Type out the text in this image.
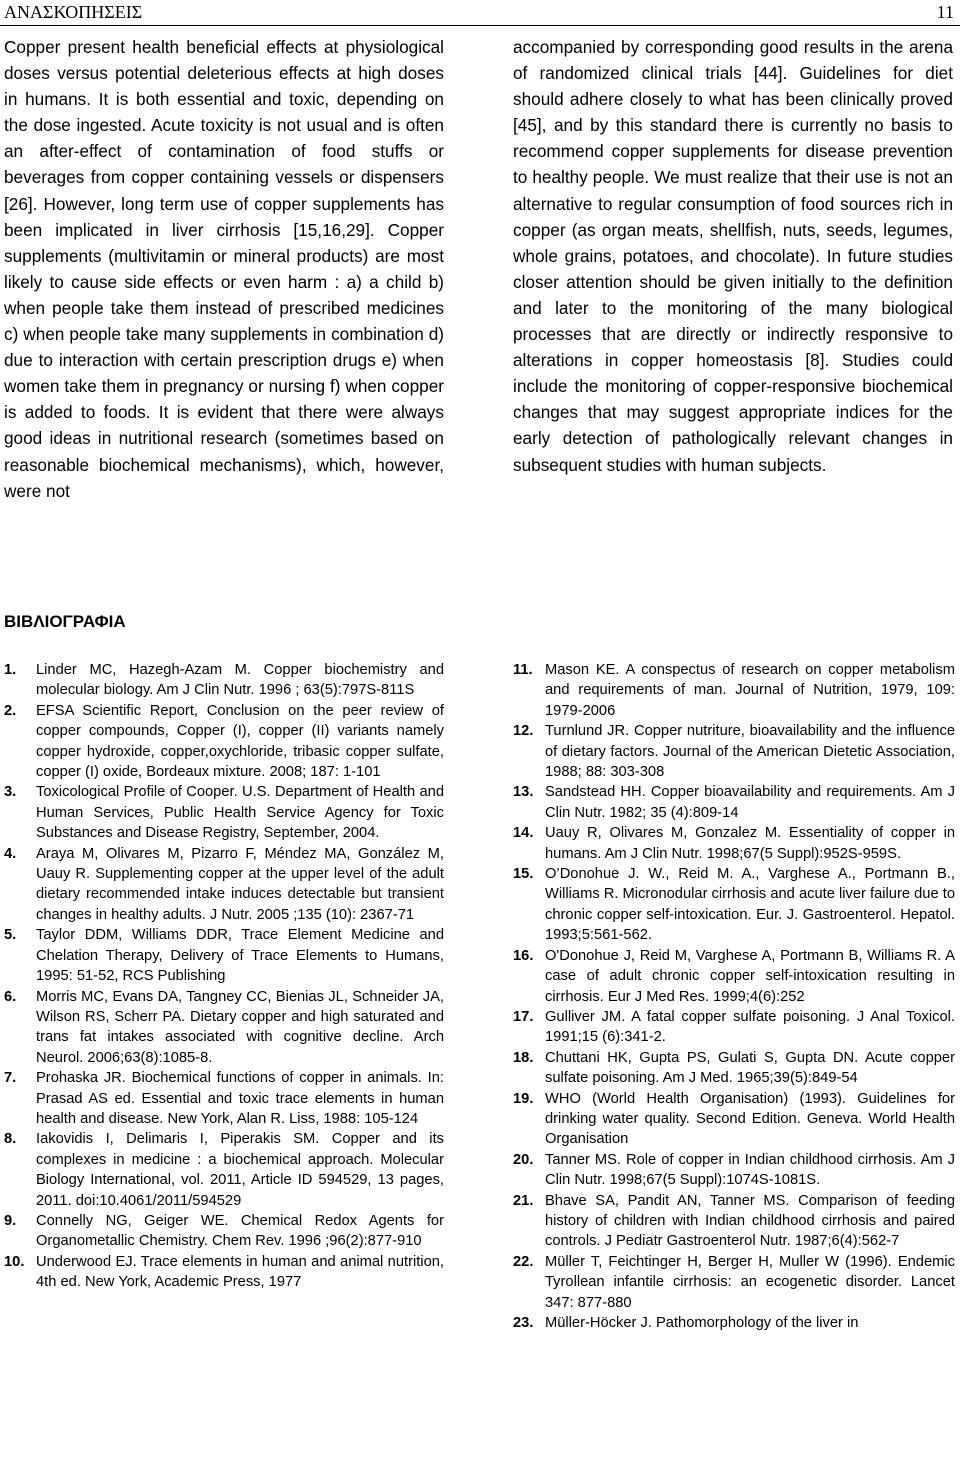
ΑΝΑΣΚΟΠΗΣΕΙΣ	11

Copper present health beneficial effects at physiological doses versus potential deleterious effects at high doses in humans. It is both essential and toxic, depending on the dose ingested. Acute toxicity is not usual and is often an after-effect of contamination of food stuffs or beverages from copper containing vessels or dispensers [26]. However, long term use of copper supplements has been implicated in liver cirrhosis [15,16,29]. Copper supplements (multivitamin or mineral products) are most likely to cause side effects or even harm : a) a child b) when people take them instead of prescribed medicines c) when people take many supplements in combination d) due to interaction with certain prescription drugs e) when women take them in pregnancy or nursing f) when copper is added to foods. It is evident that there were always good ideas in nutritional research (sometimes based on reasonable biochemical mechanisms), which, however, were not

accompanied by corresponding good results in the arena of randomized clinical trials [44]. Guidelines for diet should adhere closely to what has been clinically proved [45], and by this standard there is currently no basis to recommend copper supplements for disease prevention to healthy people. We must realize that their use is not an alternative to regular consumption of food sources rich in copper (as organ meats, shellfish, nuts, seeds, legumes, whole grains, potatoes, and chocolate). In future studies closer attention should be given initially to the definition and later to the monitoring of the many biological processes that are directly or indirectly responsive to alterations in copper homeostasis [8]. Studies could include the monitoring of copper-responsive biochemical changes that may suggest appropriate indices for the early detection of pathologically relevant changes in subsequent studies with human subjects.

ΒΙΒΛΙΟΓΡΑΦΙΑ
1. Linder MC, Hazegh-Azam M. Copper biochemistry and molecular biology. Am J Clin Nutr. 1996 ; 63(5):797S-811S
2. EFSA Scientific Report, Conclusion on the peer review of copper compounds, Copper (I), copper (II) variants namely copper hydroxide, copper,oxychloride, tribasic copper sulfate, copper (I) oxide, Bordeaux mixture. 2008; 187: 1-101
3. Toxicological Profile of Cooper. U.S. Department of Health and Human Services, Public Health Service Agency for Toxic Substances and Disease Registry, September, 2004.
4. Araya M, Olivares M, Pizarro F, Méndez MA, González M, Uauy R. Supplementing copper at the upper level of the adult dietary recommended intake induces detectable but transient changes in healthy adults. J Nutr. 2005 ;135 (10): 2367-71
5. Taylor DDM, Williams DDR, Trace Element Medicine and Chelation Therapy, Delivery of Trace Elements to Humans, 1995: 51-52, RCS Publishing
6. Morris MC, Evans DA, Tangney CC, Bienias JL, Schneider JA, Wilson RS, Scherr PA. Dietary copper and high saturated and trans fat intakes associated with cognitive decline. Arch Neurol. 2006;63(8):1085-8.
7. Prohaska JR. Biochemical functions of copper in animals. In: Prasad AS ed. Essential and toxic trace elements in human health and disease. New York, Alan R. Liss, 1988: 105-124
8. Iakovidis I, Delimaris I, Piperakis SM. Copper and its complexes in medicine : a biochemical approach. Molecular Biology International, vol. 2011, Article ID 594529, 13 pages, 2011. doi:10.4061/2011/594529
9. Connelly NG, Geiger WE. Chemical Redox Agents for Organometallic Chemistry. Chem Rev. 1996 ;96(2):877-910
10. Underwood EJ. Trace elements in human and animal nutrition, 4th ed. New York, Academic Press, 1977
11. Mason KE. A conspectus of research on copper metabolism and requirements of man. Journal of Nutrition, 1979, 109: 1979-2006
12. Turnlund JR. Copper nutriture, bioavailability and the influence of dietary factors. Journal of the American Dietetic Association, 1988; 88: 303-308
13. Sandstead HH. Copper bioavailability and requirements. Am J Clin Nutr. 1982; 35 (4):809-14
14. Uauy R, Olivares M, Gonzalez M. Essentiality of copper in humans. Am J Clin Nutr. 1998;67(5 Suppl):952S-959S.
15. O’Donohue J. W., Reid M. A., Varghese A., Portmann B., Williams R. Micronodular cirrhosis and acute liver failure due to chronic copper self-intoxication. Eur. J. Gastroenterol. Hepatol. 1993;5:561-562.
16. O'Donohue J, Reid M, Varghese A, Portmann B, Williams R. A case of adult chronic copper self-intoxication resulting in cirrhosis. Eur J Med Res. 1999;4(6):252
17. Gulliver JM. A fatal copper sulfate poisoning. J Anal Toxicol. 1991;15 (6):341-2.
18. Chuttani HK, Gupta PS, Gulati S, Gupta DN. Acute copper sulfate poisoning. Am J Med. 1965;39(5):849-54
19. WHO (World Health Organisation) (1993). Guidelines for drinking water quality. Second Edition. Geneva. World Health Organisation
20. Tanner MS. Role of copper in Indian childhood cirrhosis. Am J Clin Nutr. 1998;67(5 Suppl):1074S-1081S.
21. Bhave SA, Pandit AN, Tanner MS. Comparison of feeding history of children with Indian childhood cirrhosis and paired controls. J Pediatr Gastroenterol Nutr. 1987;6(4):562-7
22. Müller T, Feichtinger H, Berger H, Muller W (1996). Endemic Tyrollean infantile cirrhosis: an ecogenetic disorder. Lancet 347: 877-880
23. Müller-Höcker J. Pathomorphology of the liver in
